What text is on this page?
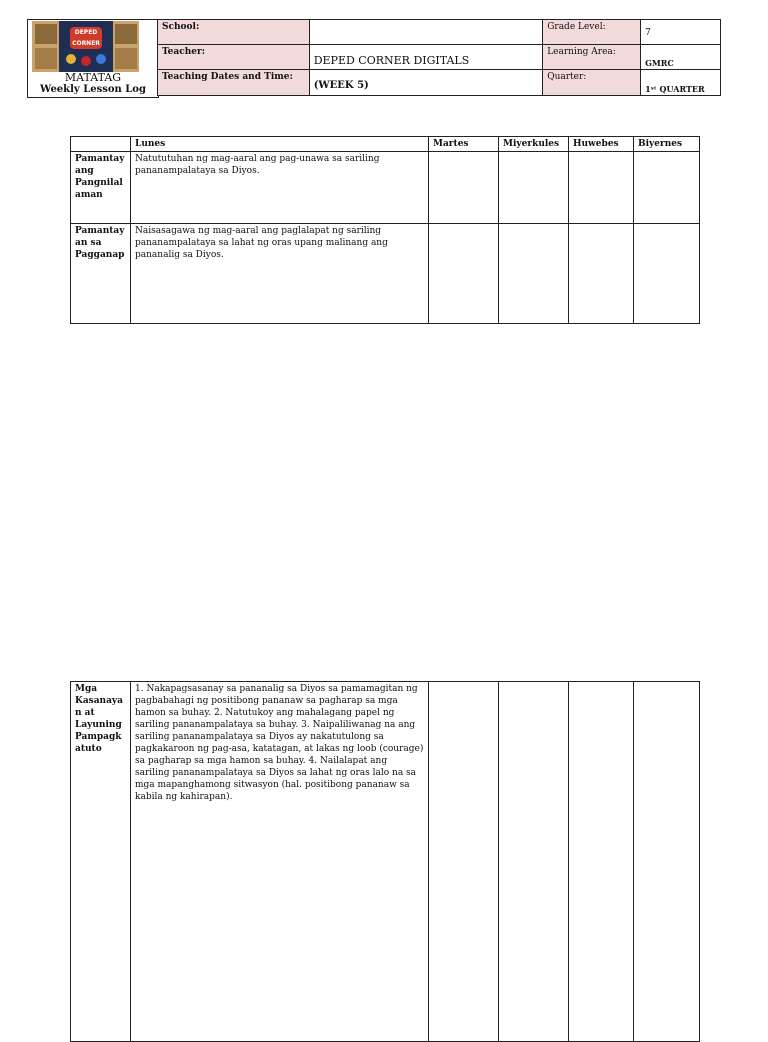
DEPED CORNER
MATATAG
Weekly Lesson Log
School:		Grade Level:	7

Teacher:	DEPED CORNER DIGITALS	Learning Area:	GMRC

Teaching Dates and Time:	(WEEK 5)	Quarter:	1ˢᵗ QUARTER
	Lunes	Martes	Miyerkules	Huwebes	Biyernes
Pamantay ang Pangnilal aman	Natututuhan ng mag-aaral ang pag-unawa sa sariling pananampalataya sa Diyos.				
Pamantay an sa Pagganap	Naisasagawa ng mag-aaral ang paglalapat ng sariling pananampalataya sa lahat ng oras upang malinang ang pananalig sa Diyos.				
Mga Kasanaya n at Layuning Pampagk atuto	1. Nakapagsasanay sa pananalig sa Diyos sa pamamagitan ng pagbabahagi ng positibong pananaw sa pagharap sa mga hamon sa buhay. 2. Natutukoy ang mahalagang papel ng sariling pananampalataya sa buhay. 3. Naipaliliwanag na ang sariling pananampalataya sa Diyos ay nakatutulong sa pagkakaroon ng pag-asa, katatagan, at lakas ng loob (courage) sa pagharap sa mga hamon sa buhay. 4. Nailalapat ang sariling pananampalataya sa Diyos sa lahat ng oras lalo na sa mga mapanghamong sitwasyon (hal. positibong pananaw sa kabila ng kahirapan).				
